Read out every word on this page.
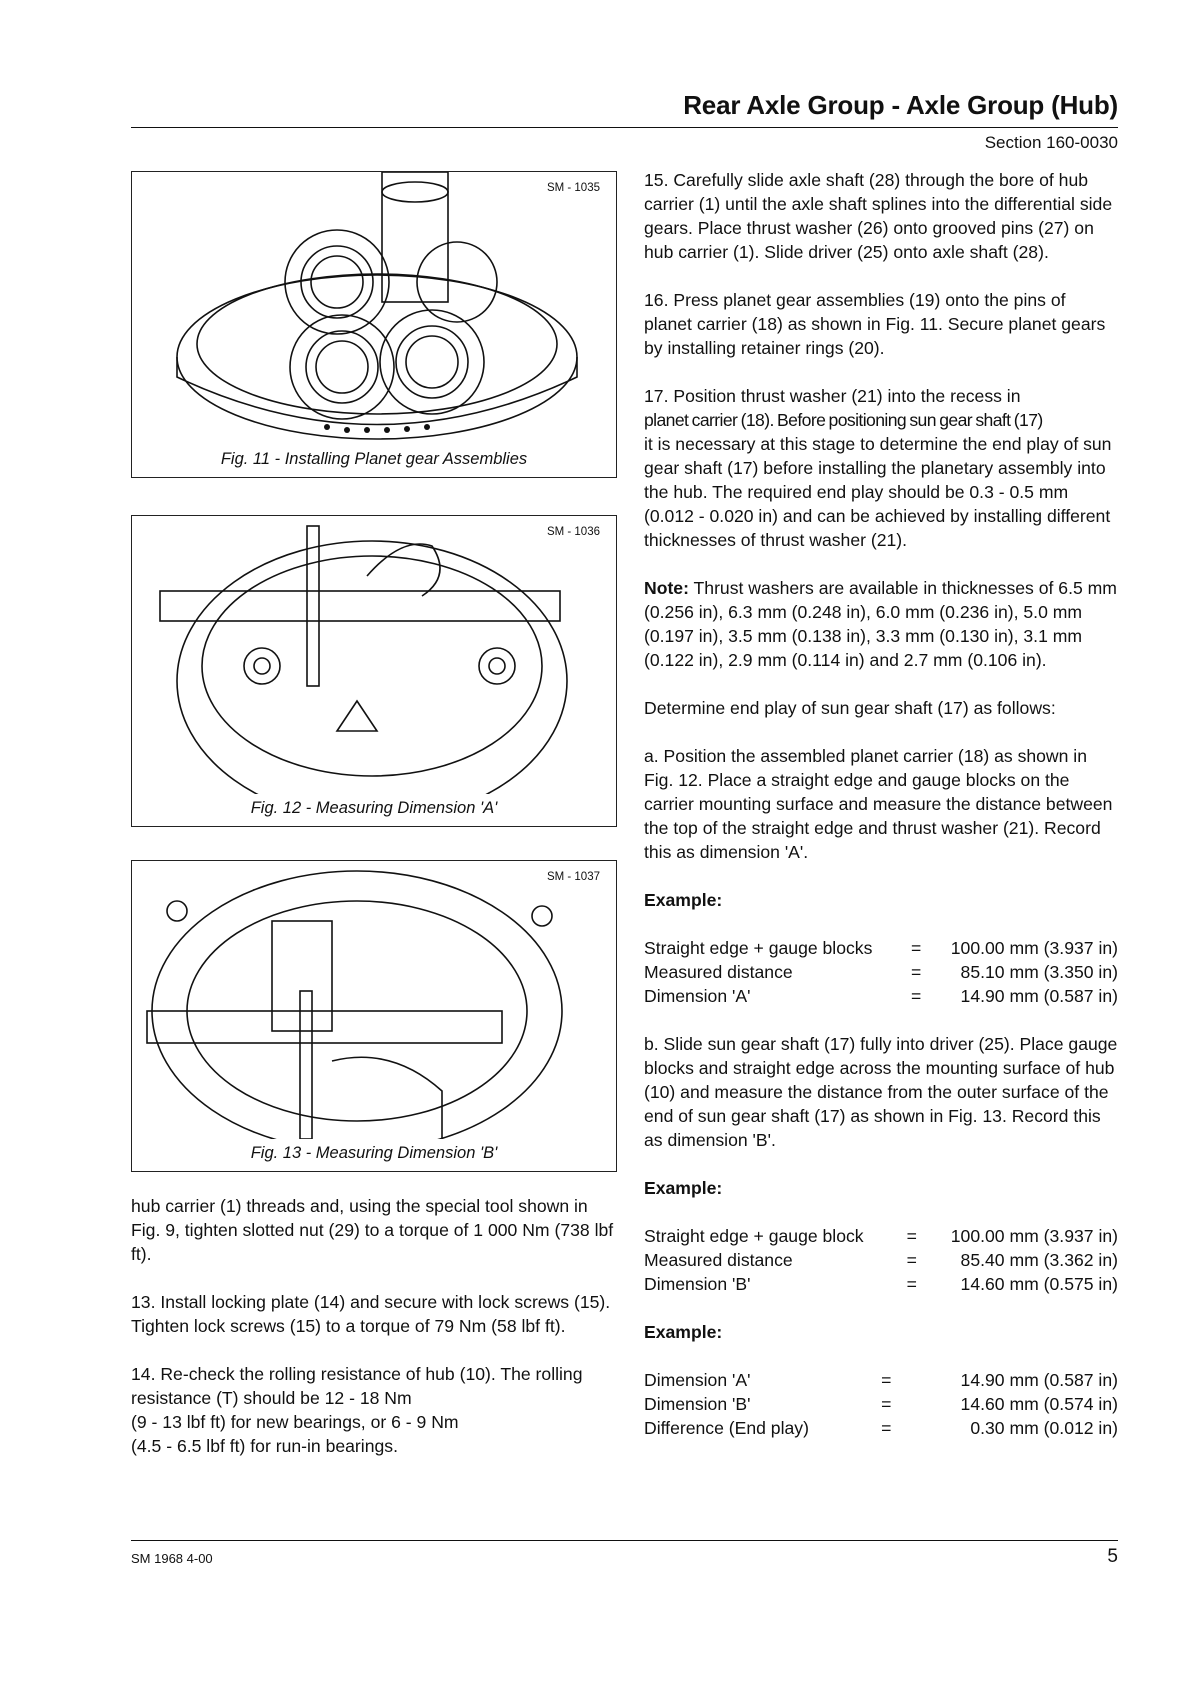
Rear Axle Group - Axle Group (Hub)
Section 160-0030
SM - 1035
Fig. 11 - Installing Planet gear Assemblies
SM - 1036
Fig. 12 - Measuring Dimension 'A'
SM - 1037
Fig. 13 - Measuring Dimension 'B'

hub carrier (1) threads and, using the special tool shown in Fig. 9, tighten slotted nut (29) to a torque of 1 000 Nm (738 lbf ft).

13. Install locking plate (14) and secure with lock screws (15). Tighten lock screws (15) to a torque of 79 Nm (58 lbf ft).

14. Re-check the rolling resistance of hub (10). The rolling resistance (T) should be 12 - 18 Nm
(9 - 13 lbf ft) for new bearings, or 6 - 9 Nm
(4.5 - 6.5 lbf ft) for run-in bearings.

15. Carefully slide axle shaft (28) through the bore of hub carrier (1) until the axle shaft splines into the differential side gears. Place thrust washer (26) onto grooved pins (27) on hub carrier (1). Slide driver (25) onto axle shaft (28).

16. Press planet gear assemblies (19) onto the pins of planet carrier (18) as shown in Fig. 11. Secure planet gears by installing retainer rings (20).

17. Position thrust washer (21) into the recess in
planet carrier (18). Before positioning sun gear shaft (17)
it is necessary at this stage to determine the end play of sun gear shaft (17) before installing the planetary assembly into the hub. The required end play should be 0.3 - 0.5 mm (0.012 - 0.020 in) and can be achieved by installing different thicknesses of thrust washer (21).

Note: Thrust washers are available in thicknesses of 6.5 mm (0.256 in), 6.3 mm (0.248 in), 6.0 mm (0.236 in), 5.0 mm (0.197 in), 3.5 mm (0.138 in), 3.3 mm (0.130 in), 3.1 mm (0.122 in), 2.9 mm (0.114 in) and 2.7 mm (0.106 in).

Determine end play of sun gear shaft (17) as follows:

a. Position the assembled planet carrier (18) as shown in Fig. 12. Place a straight edge and gauge blocks on the carrier mounting surface and measure the distance between the top of the straight edge and thrust washer (21). Record this as dimension 'A'.

Example:

Straight edge + gauge blocks	=	100.00 mm (3.937 in)
Measured distance	=	85.10 mm (3.350 in)
Dimension 'A'	=	14.90 mm (0.587 in)

b. Slide sun gear shaft (17) fully into driver (25). Place gauge blocks and straight edge across the mounting surface of hub (10) and measure the distance from the outer surface of the end of sun gear shaft (17) as shown in Fig. 13. Record this as dimension 'B'.

Example:

Straight edge + gauge block	=	100.00 mm (3.937 in)
Measured distance	=	85.40 mm (3.362 in)
Dimension 'B'	=	14.60 mm (0.575 in)

Example:

Dimension 'A'	=	14.90 mm (0.587 in)
Dimension 'B'	=	14.60 mm (0.574 in)
Difference (End play)	=	0.30 mm (0.012 in)
SM 1968 4-00	5
